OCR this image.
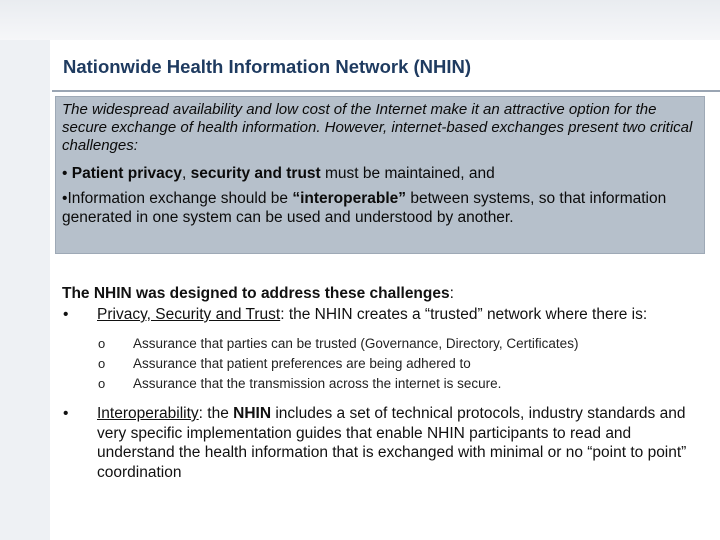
Nationwide Health Information Network (NHIN)
The widespread availability and low cost of the Internet make it an attractive option for the secure exchange of health information. However, internet-based exchanges present two critical challenges:
• Patient privacy, security and trust must be maintained, and
•Information exchange should be “interoperable” between systems, so that information generated in one system can be used and understood by another.
The NHIN was designed to address these challenges:
• Privacy, Security and Trust: the NHIN creates a “trusted” network where there is:
o Assurance that parties can be trusted (Governance, Directory, Certificates)
o Assurance that patient preferences are being adhered to
o Assurance that the transmission across the internet is secure.
• Interoperability: the NHIN includes a set of technical protocols, industry standards and very specific implementation guides that enable NHIN participants to read and understand the health information that is exchanged with minimal or no “point to point” coordination
